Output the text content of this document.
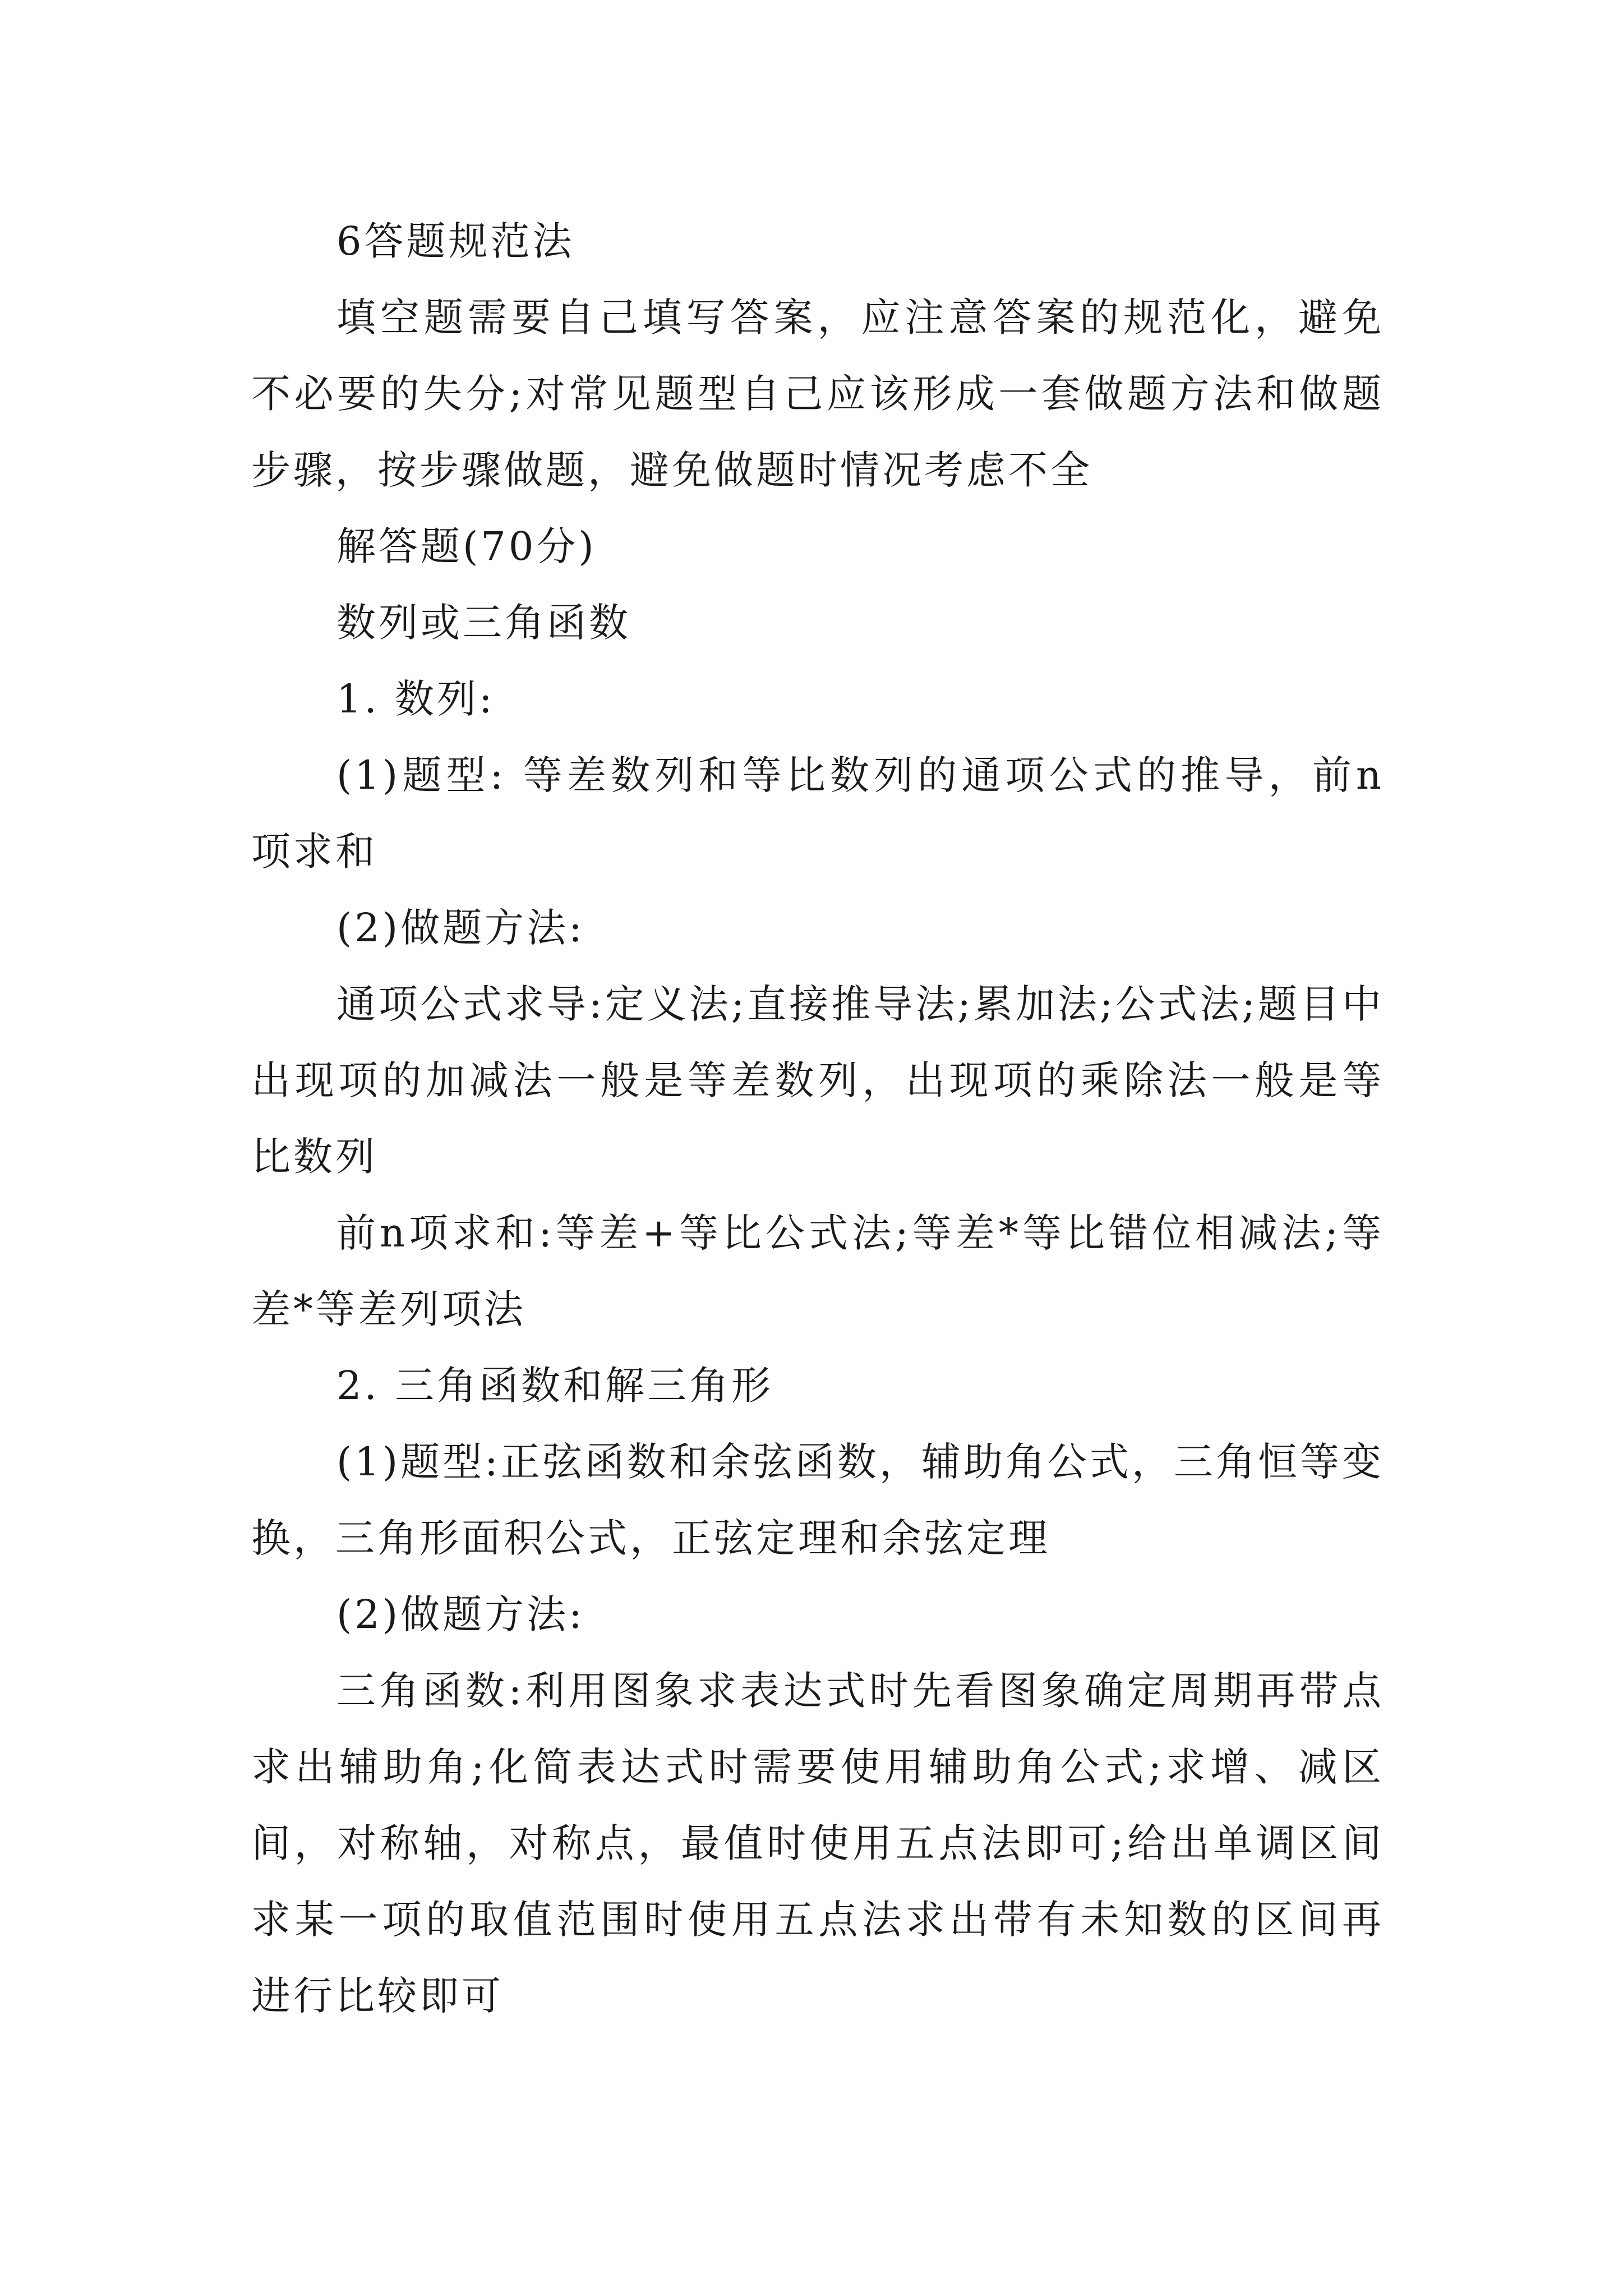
6答题规范法

填空题需要自己填写答案，应注意答案的规范化，避免不必要的失分;对常见题型自己应该形成一套做题方法和做题步骤，按步骤做题，避免做题时情况考虑不全

解答题(70分)

数列或三角函数

1. 数列:

(1)题型: 等差数列和等比数列的通项公式的推导，前n项求和

(2)做题方法:

通项公式求导:定义法;直接推导法;累加法;公式法;题目中出现项的加减法一般是等差数列，出现项的乘除法一般是等比数列

前n项求和:等差+等比公式法;等差*等比错位相减法;等差*等差列项法

2. 三角函数和解三角形

(1)题型:正弦函数和余弦函数，辅助角公式，三角恒等变换，三角形面积公式，正弦定理和余弦定理

(2)做题方法:

三角函数:利用图象求表达式时先看图象确定周期再带点求出辅助角;化简表达式时需要使用辅助角公式;求增、减区间，对称轴，对称点，最值时使用五点法即可;给出单调区间求某一项的取值范围时使用五点法求出带有未知数的区间再进行比较即可
